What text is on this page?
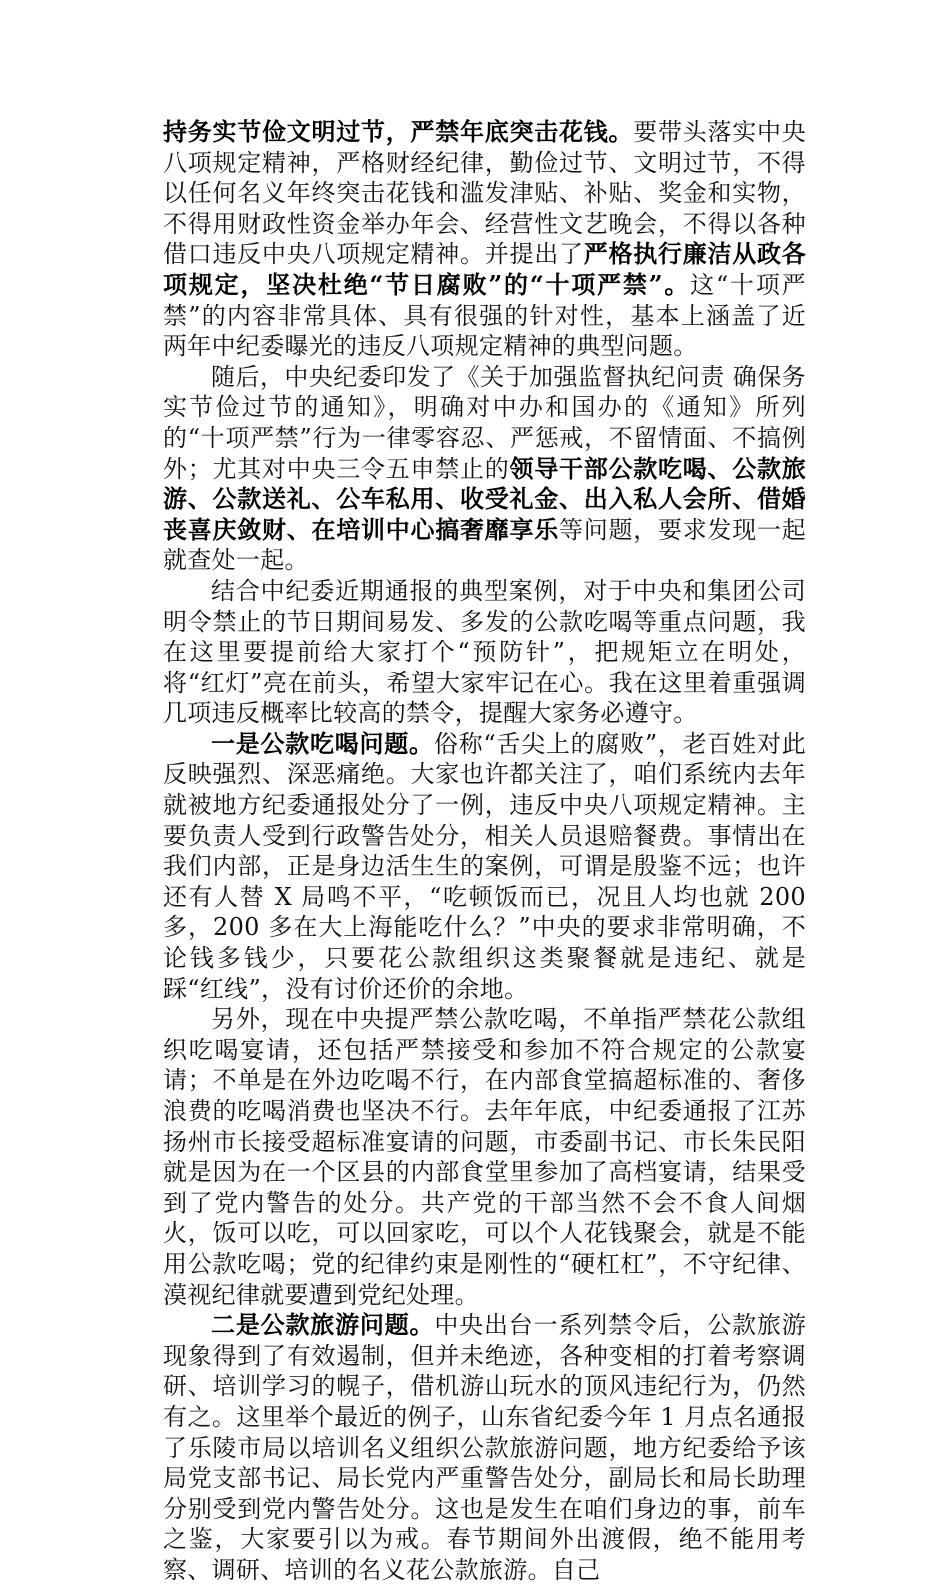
持务实节俭文明过节，严禁年底突击花钱。要带头落实中央八项规定精神，严格财经纪律，勤俭过节、文明过节，不得以任何名义年终突击花钱和滥发津贴、补贴、奖金和实物，不得用财政性资金举办年会、经营性文艺晚会，不得以各种借口违反中央八项规定精神。并提出了严格执行廉洁从政各项规定，坚决杜绝“节日腐败”的“十项严禁”。这“十项严禁”的内容非常具体、具有很强的针对性，基本上涵盖了近两年中纪委曝光的违反八项规定精神的典型问题。

随后，中央纪委印发了《关于加强监督执纪问责 确保务实节俭过节的通知》，明确对中办和国办的《通知》所列的“十项严禁”行为一律零容忍、严惩戒，不留情面、不搞例外；尤其对中央三令五申禁止的领导干部公款吃喝、公款旅游、公款送礼、公车私用、收受礼金、出入私人会所、借婚丧喜庆敛财、在培训中心搞奢靡享乐等问题，要求发现一起就查处一起。

结合中纪委近期通报的典型案例，对于中央和集团公司明令禁止的节日期间易发、多发的公款吃喝等重点问题，我在这里要提前给大家打个“预防针”，把规矩立在明处，将“红灯”亮在前头，希望大家牢记在心。我在这里着重强调几项违反概率比较高的禁令，提醒大家务必遵守。

一是公款吃喝问题。俗称“舌尖上的腐败”，老百姓对此反映强烈、深恶痛绝。大家也许都关注了，咱们系统内去年就被地方纪委通报处分了一例，违反中央八项规定精神。主要负责人受到行政警告处分，相关人员退赔餐费。事情出在我们内部，正是身边活生生的案例，可谓是殷鉴不远；也许还有人替 X 局鸣不平，“吃顿饭而已，况且人均也就 200 多，200 多在大上海能吃什么？”中央的要求非常明确，不论钱多钱少，只要花公款组织这类聚餐就是违纪、就是踩“红线”，没有讨价还价的余地。

另外，现在中央提严禁公款吃喝，不单指严禁花公款组织吃喝宴请，还包括严禁接受和参加不符合规定的公款宴请；不单是在外边吃喝不行，在内部食堂搞超标准的、奢侈浪费的吃喝消费也坚决不行。去年年底，中纪委通报了江苏扬州市长接受超标准宴请的问题，市委副书记、市长朱民阳就是因为在一个区县的内部食堂里参加了高档宴请，结果受到了党内警告的处分。共产党的干部当然不会不食人间烟火，饭可以吃，可以回家吃，可以个人花钱聚会，就是不能用公款吃喝；党的纪律约束是刚性的“硬杠杠”，不守纪律、漠视纪律就要遭到党纪处理。

二是公款旅游问题。中央出台一系列禁令后，公款旅游现象得到了有效遏制，但并未绝迹，各种变相的打着考察调研、培训学习的幌子，借机游山玩水的顶风违纪行为，仍然有之。这里举个最近的例子，山东省纪委今年 1 月点名通报了乐陵市局以培训名义组织公款旅游问题，地方纪委给予该局党支部书记、局长党内严重警告处分，副局长和局长助理分别受到党内警告处分。这也是发生在咱们身边的事，前车之鉴，大家要引以为戒。春节期间外出渡假，绝不能用考察、调研、培训的名义花公款旅游。自己
